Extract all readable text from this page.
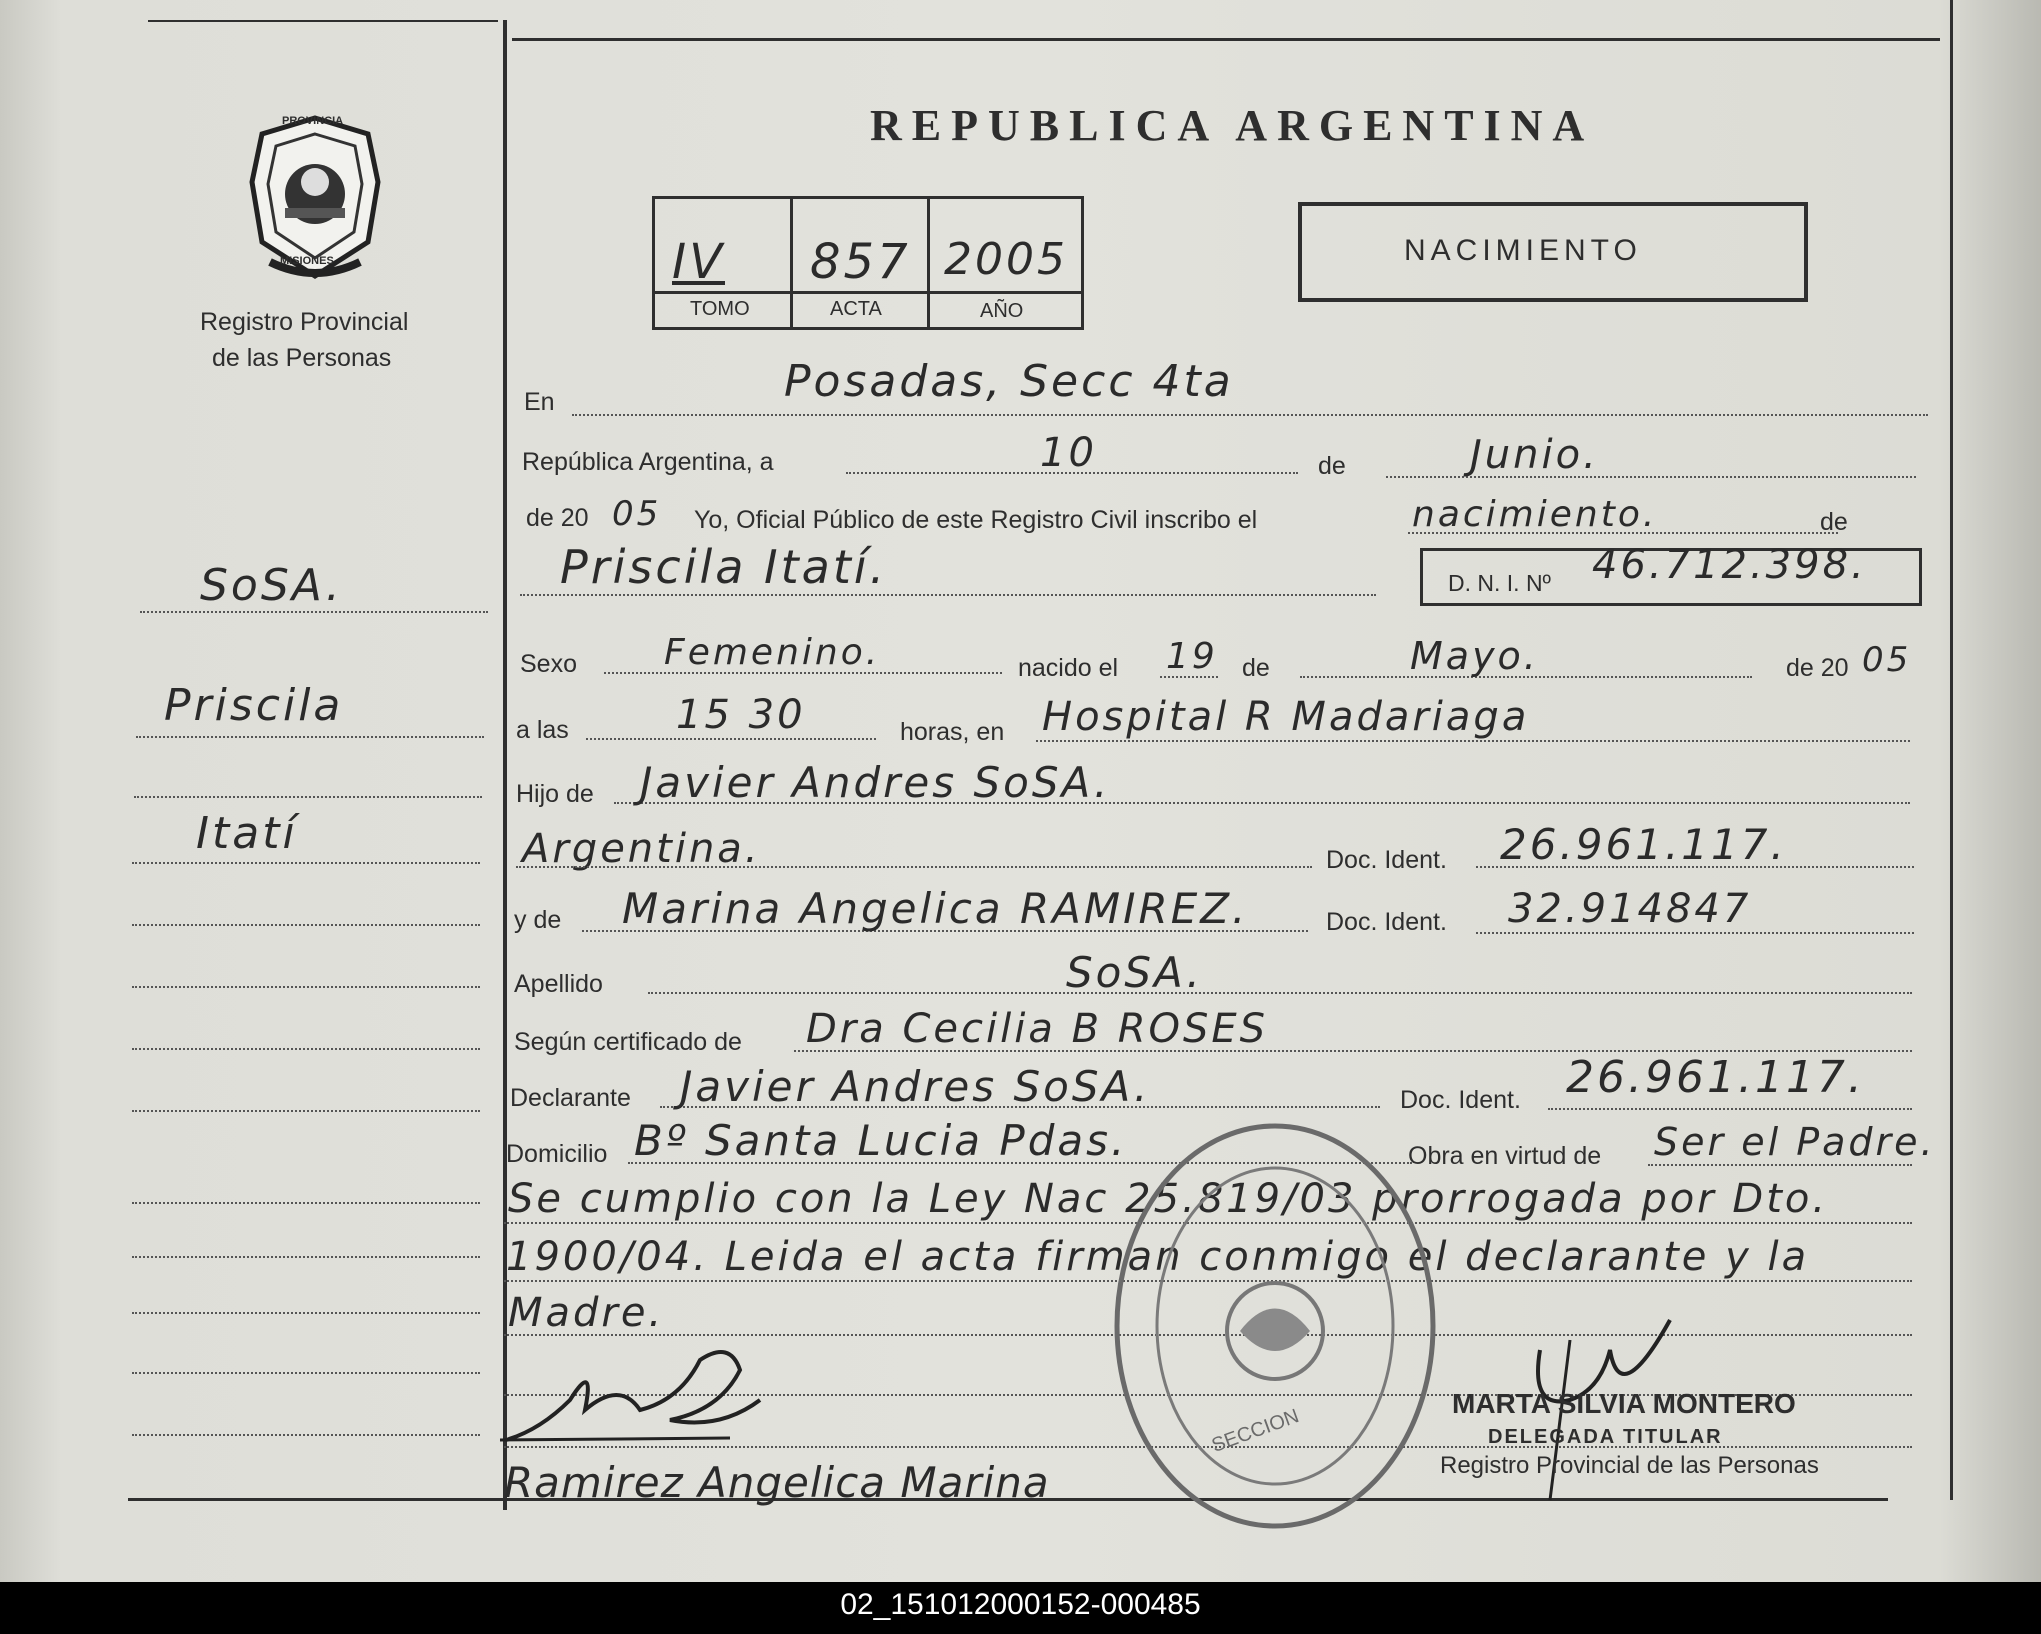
PROVINCIA
MISIONES
Registro Provincial
de las Personas
REPUBLICA ARGENTINA
IV 857 2005
TOMO	ACTA	AÑO
NACIMIENTO
SoSA.
Priscila
Itatí
En	Posadas, Secc 4ta
República Argentina, a	10	de	Junio.
de 20 05 Yo, Oficial Público de este Registro Civil inscribo el	nacimiento.	de
Priscila Itatí.	D. N. I. Nº 46.712.398.
Sexo Femenino.	nacido el 19 de	Mayo.	de 20 05
a las	15 30	horas, en Hospital R Madariaga
Hijo de Javier Andres SoSA.
Argentina.	Doc. Ident. 26.961.117.
y de Marina Angelica RAMIREZ.	Doc. Ident. 32.914847
Apellido	SoSA.
Según certificado de Dra Cecilia B ROSES
Declarante Javier Andres SoSA.	Doc. Ident. 26.961.117.
Domicilio Bº Santa Lucia Pdas.	Obra en virtud de Ser el Padre.
Se cumplio con la Ley Nac 25.819/03 prorrogada por Dto.
1900/04. Leida el acta firman conmigo el declarante y la
Madre.
SECCION
Ramirez Angelica Marina
MARTA SILVIA MONTERO
DELEGADA TITULAR
Registro Provincial de las Personas
02_151012000152-000485
